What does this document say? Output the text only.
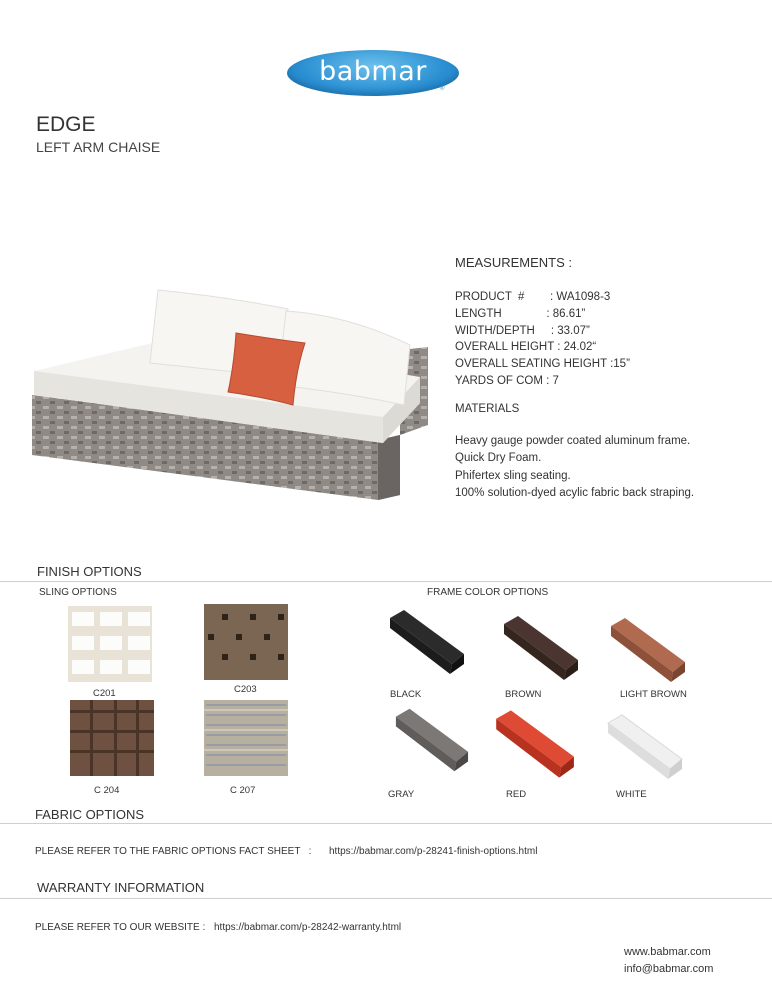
babmar
®
EDGE
LEFT ARM CHAISE
MEASUREMENTS :
PRODUCT  #        : WA1098-3
LENGTH              : 86.61”
WIDTH/DEPTH     : 33.07”
OVERALL HEIGHT : 24.02“
OVERALL SEATING HEIGHT :15”
YARDS OF COM : 7
MATERIALS
Heavy gauge powder coated aluminum frame.
Quick Dry Foam.
Phifertex sling seating.
100% solution-dyed acylic fabric back straping.
FINISH OPTIONS
SLING OPTIONS	FRAME COLOR OPTIONS
C201	C203
C 204	C 207
BLACK	BROWN	LIGHT BROWN
GRAY	RED	WHITE
FABRIC OPTIONS
PLEASE REFER TO THE FABRIC OPTIONS FACT SHEET   : https://babmar.com/p-28241-finish-options.html
WARRANTY INFORMATION
PLEASE REFER TO OUR WEBSITE : https://babmar.com/p-28242-warranty.html
www.babmar.com
info@babmar.com
